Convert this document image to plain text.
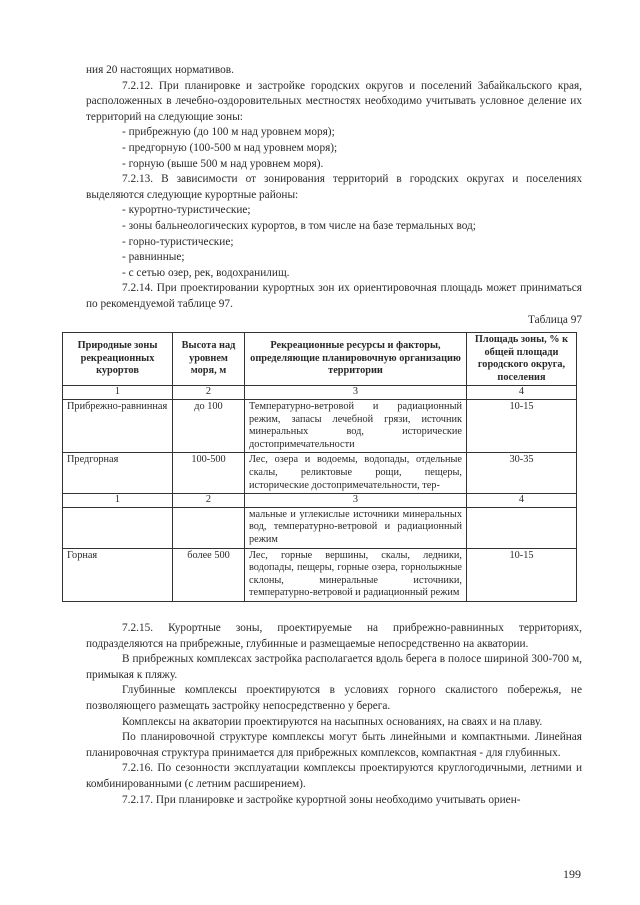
ния 20 настоящих нормативов.

7.2.12. При планировке и застройке городских округов и поселений Забайкальского края, расположенных в лечебно-оздоровительных местностях необходимо учитывать условное деление их территорий на следующие зоны:

- прибрежную (до 100 м над уровнем моря);

- предгорную (100-500 м над уровнем моря);

- горную (выше 500 м над уровнем моря).

7.2.13. В зависимости от зонирования территорий в городских округах и поселениях выделяются следующие курортные районы:

- курортно-туристические;

- зоны бальнеологических курортов, в том числе на базе термальных вод;

- горно-туристические;

- равнинные;

- с сетью озер, рек, водохранилищ.

7.2.14. При проектировании курортных зон их ориентировочная площадь может приниматься по рекомендуемой таблице 97.

Таблица 97

Природные зоны рекреационных курортов	Высота над уровнем моря, м	Рекреационные ресурсы и факторы, определяющие планировочную организацию территории	Площадь зоны, % к общей площади городского округа, поселения
1	2	3	4
Прибрежно-равнинная	до 100	Температурно-ветровой и радиационный режим, запасы лечебной грязи, источник минеральных вод, исторические достопримечательности	10-15
Предгорная	100-500	Лес, озера и водоемы, водопады, отдельные скалы, реликтовые рощи, пещеры, исторические достопримечательности, тер-	30-35
1	2	3	4
		мальные и углекислые источники минеральных вод, температурно-ветровой и радиационный режим	
Горная	более 500	Лес, горные вершины, скалы, ледники, водопады, пещеры, горные озера, горнолыжные склоны, минеральные источники, температурно-ветровой и радиационный режим	10-15

7.2.15. Курортные зоны, проектируемые на прибрежно-равнинных территориях, подразделяются на прибрежные, глубинные и размещаемые непосредственно на акватории.

В прибрежных комплексах застройка располагается вдоль берега в полосе шириной 300-700 м, примыкая к пляжу.

Глубинные комплексы проектируются в условиях горного скалистого побережья, не позволяющего размещать застройку непосредственно у берега.

Комплексы на акватории проектируются на насыпных основаниях, на сваях и на плаву.

По планировочной структуре комплексы могут быть линейными и компактными. Линейная планировочная структура принимается для прибрежных комплексов, компактная - для глубинных.

7.2.16. По сезонности эксплуатации комплексы проектируются круглогодичными, летними и комбинированными (с летним расширением).

7.2.17. При планировке и застройке курортной зоны необходимо учитывать ориен-

199
